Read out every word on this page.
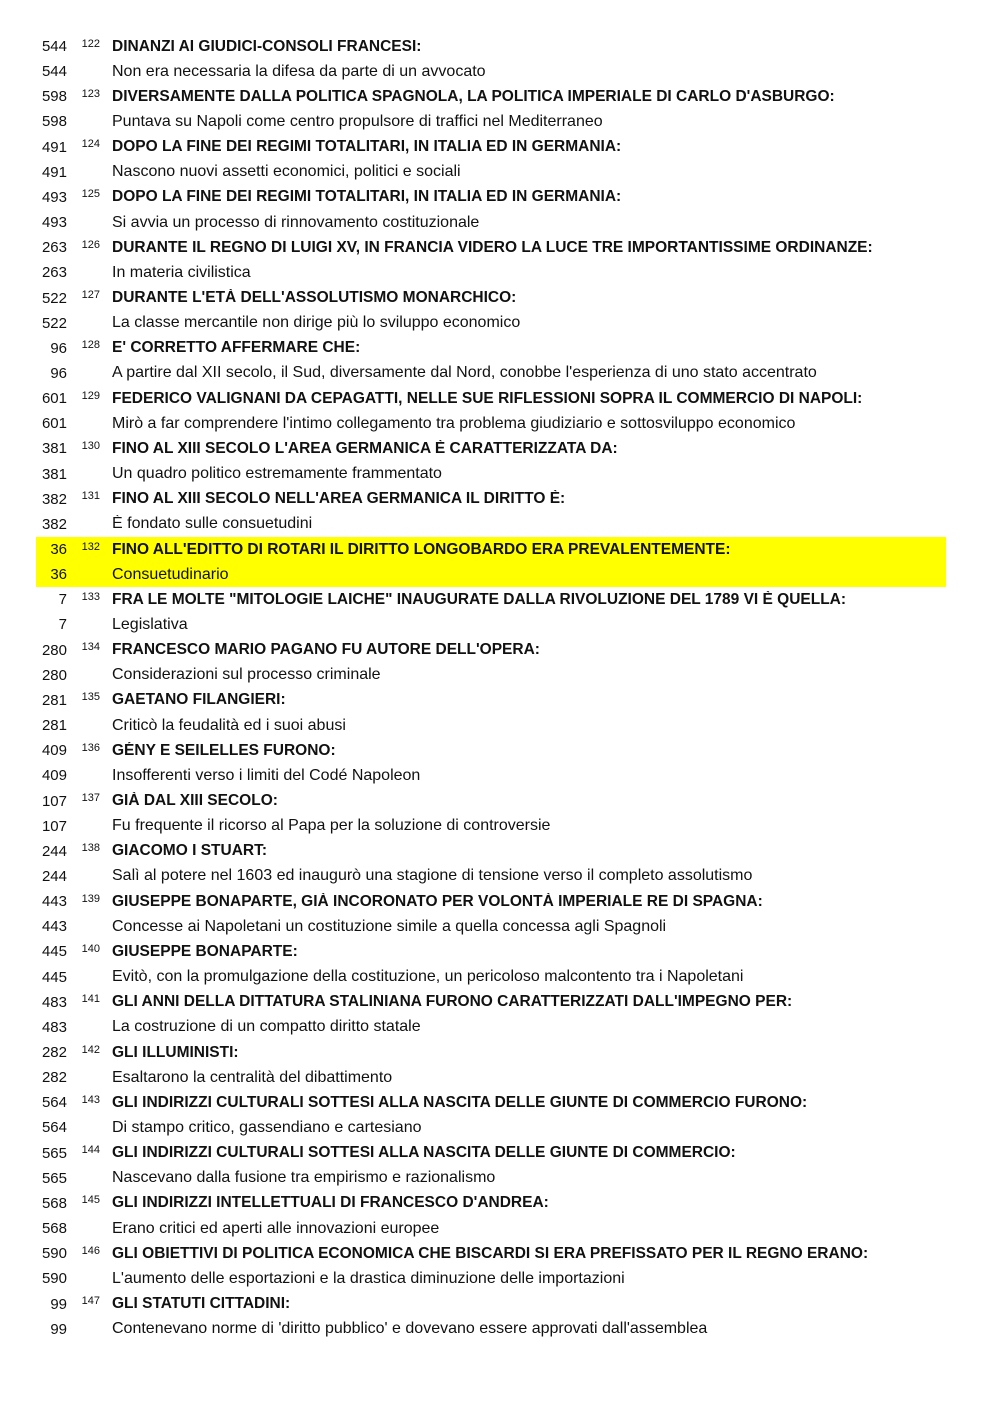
544	122 DINANZI AI GIUDICI-CONSOLI FRANCESI:
544	Non era necessaria la difesa da parte di un avvocato
598	123 DIVERSAMENTE DALLA POLITICA SPAGNOLA, LA POLITICA IMPERIALE DI CARLO D'ASBURGO:
598	Puntava su Napoli come centro propulsore di traffici nel Mediterraneo
491	124 DOPO LA FINE DEI REGIMI TOTALITARI, IN ITALIA ED IN GERMANIA:
491	Nascono nuovi assetti economici, politici e sociali
493	125 DOPO LA FINE DEI REGIMI TOTALITARI, IN ITALIA ED IN GERMANIA:
493	Si avvia un processo di rinnovamento costituzionale
263	126 DURANTE IL REGNO DI LUIGI XV, IN FRANCIA VIDERO LA LUCE TRE IMPORTANTISSIME ORDINANZE:
263	In materia civilistica
522	127 DURANTE L'ETÀ DELL'ASSOLUTISMO MONARCHICO:
522	La classe mercantile non dirige più lo sviluppo economico
96	128 E' CORRETTO AFFERMARE CHE:
96	A partire dal XII secolo, il Sud, diversamente dal Nord, conobbe l'esperienza di uno stato accentrato
601	129 FEDERICO VALIGNANI DA CEPAGATTI, NELLE SUE RIFLESSIONI SOPRA IL COMMERCIO DI NAPOLI:
601	Mirò a far comprendere l'intimo collegamento tra problema giudiziario e sottosviluppo economico
381	130 FINO AL XIII SECOLO L'AREA GERMANICA È CARATTERIZZATA DA:
381	Un quadro politico estremamente frammentato
382	131 FINO AL XIII SECOLO NELL'AREA GERMANICA IL DIRITTO È:
382	È fondato sulle consuetudini
36	132 FINO ALL'EDITTO DI ROTARI IL DIRITTO LONGOBARDO ERA PREVALENTEMENTE:
36	Consuetudinario
7	133 FRA LE MOLTE "MITOLOGIE LAICHE" INAUGURATE DALLA RIVOLUZIONE DEL 1789 VI È QUELLA:
7	Legislativa
280	134 FRANCESCO MARIO PAGANO FU AUTORE DELL'OPERA:
280	Considerazioni sul processo criminale
281	135 GAETANO FILANGIERI:
281	Criticò la feudalità ed i suoi abusi
409	136 GÉNY E SEILELLES FURONO:
409	Insofferenti verso i limiti del Codé Napoleon
107	137 GIÀ DAL XIII SECOLO:
107	Fu frequente il ricorso al Papa per la soluzione di controversie
244	138 GIACOMO I STUART:
244	Salì al potere nel 1603 ed inaugurò una stagione di tensione verso il completo assolutismo
443	139 GIUSEPPE BONAPARTE, GIÀ INCORONATO PER VOLONTÀ IMPERIALE RE DI SPAGNA:
443	Concesse ai Napoletani un costituzione simile a quella concessa agli Spagnoli
445	140 GIUSEPPE BONAPARTE:
445	Evitò, con la promulgazione della costituzione, un pericoloso malcontento tra i Napoletani
483	141 GLI ANNI DELLA DITTATURA STALINIANA FURONO CARATTERIZZATI DALL'IMPEGNO PER:
483	La costruzione di un compatto diritto statale
282	142 GLI ILLUMINISTI:
282	Esaltarono la centralità del dibattimento
564	143 GLI INDIRIZZI CULTURALI SOTTESI ALLA NASCITA DELLE GIUNTE DI COMMERCIO FURONO:
564	Di stampo critico, gassendiano e cartesiano
565	144 GLI INDIRIZZI CULTURALI SOTTESI ALLA NASCITA DELLE GIUNTE DI COMMERCIO:
565	Nascevano dalla fusione tra empirismo e razionalismo
568	145 GLI INDIRIZZI INTELLETTUALI DI FRANCESCO D'ANDREA:
568	Erano critici ed aperti alle innovazioni europee
590	146 GLI OBIETTIVI DI POLITICA ECONOMICA CHE BISCARDI SI ERA PREFISSATO PER IL REGNO ERANO:
590	L'aumento delle esportazioni e la drastica diminuzione delle importazioni
99	147 GLI STATUTI CITTADINI:
99	Contenevano norme di 'diritto pubblico' e dovevano essere approvati dall'assemblea
